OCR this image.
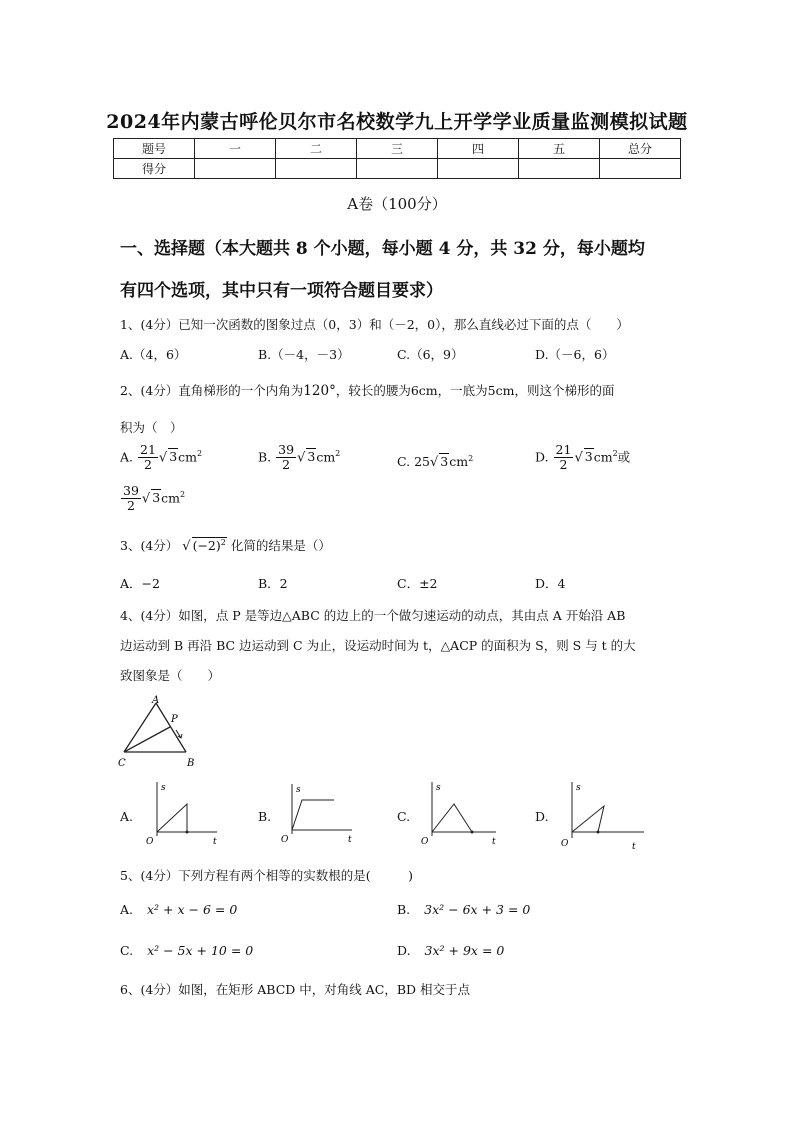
2024年内蒙古呼伦贝尔市名校数学九上开学学业质量监测模拟试题
题号	一	二	三	四	五	总分
得分						
A卷（100分）
一、选择题（本大题共 8 个小题，每小题 4 分，共 32 分，每小题均
有四个选项，其中只有一项符合题目要求）
1、(4分）已知一次函数的图象过点（0，3）和（－2，0），那么直线必过下面的点（　　）
A.（4，6）	B.（－4，－3）	C.（6，9）	D.（－6，6）
2、(4分）直角梯形的一个内角为120°，较长的腰为6cm，一底为5cm，则这个梯形的面
积为（　）
A. $\frac{21}{2}$ √ $3cm^2$	B. $\frac{39}{2}$ √ $3cm^2$
C. 25√ $3cm^2$	D. $\frac{21}{2}$ √ $3cm^2$或
$\frac{39}{2}$ √ $3cm^2$
3、(4分） √ $(-2)^2$ 化简的结果是（）
A．−2	B．2	C．±2	D．4
4、(4分）如图，点 P 是等边△ABC 的边上的一个做匀速运动的动点，其由点 A 开始沿 AB
边运动到 B 再沿 BC 边运动到 C 为止，设运动时间为 t，△ACP 的面积为 S，则 S 与 t 的大
致图象是（　　）
A
P
C	B
A.
s
t
O
B.
s
t
O
C.
s
t
O
D.
s
t
O
5、(4分）下列方程有两个相等的实数根的是(　　　)
A. x² + x − 6 = 0	B. 3x² − 6x + 3 = 0
C. x² − 5x + 10 = 0	D. 3x² + 9x = 0
6、(4分）如图，在矩形 ABCD 中，对角线 AC，BD 相交于点
